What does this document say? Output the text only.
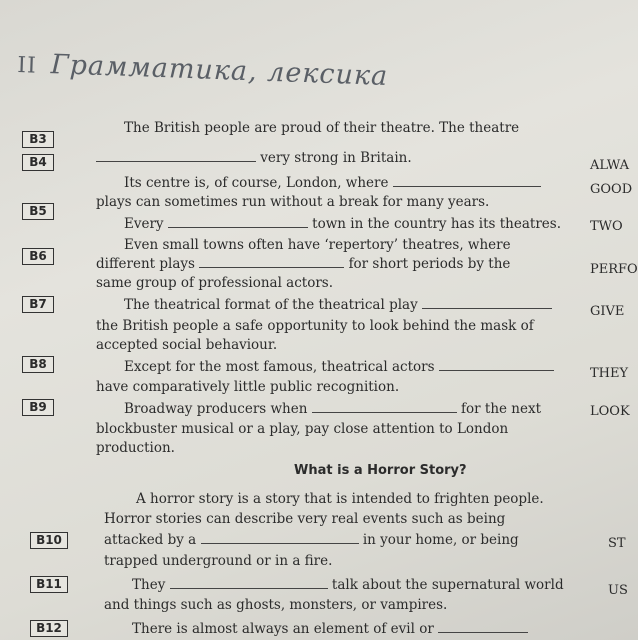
II Грамматика, лексика
B3
B4
B5
B6
B7
B8
B9
B10
B11
B12
The British people are proud of their theatre. The theatre
very strong in Britain.
Its centre is, of course, London, where
plays can sometimes run without a break for many years.
Every	town in the country has its theatres.
Even small towns often have ‘repertory’ theatres, where
different plays	for short periods by the
same group of professional actors.
The theatrical format of the theatrical play
the British people a safe opportunity to look behind the mask of
accepted social behaviour.
Except for the most famous, theatrical actors
have comparatively little public recognition.
Broadway producers when	for the next
blockbuster musical or a play, pay close attention to London
production.
What is a Horror Story?
A horror story is a story that is intended to frighten people.
Horror stories can describe very real events such as being
attacked by a	in your home, or being
trapped underground or in a fire.
They	talk about the supernatural world
and things such as ghosts, monsters, or vampires.
There is almost always an element of evil or
ALWA
GOOD
TWO
PERFO
GIVE
THEY
LOOK
ST
US
